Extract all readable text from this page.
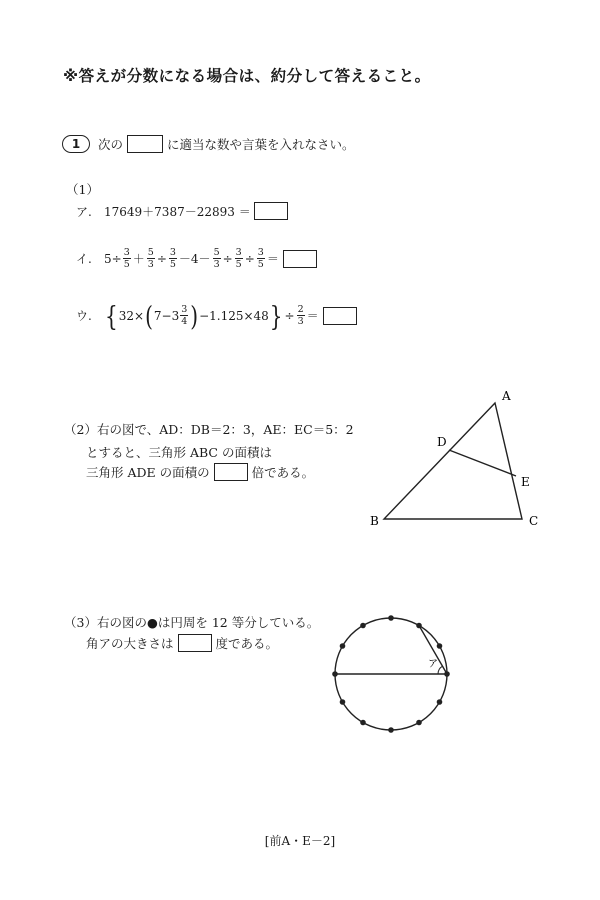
※答えが分数になる場合は、約分して答えること。
1 次の	に適当な数や言葉を入れなさい。
（1）
ア.	17649＋7387－22893 ＝
イ.	$5\div \frac{3}{5} + \frac{5}{3} \div \frac{3}{5} -4- \frac{5}{3} \div \frac{3}{5} \div \frac{3}{5}$ ＝
ウ. { 32× ( $7-3 \frac{3}{4}$ ) −1.125×48 } ÷ $\frac{2}{3}$ ＝
（2）右の図で、AD：DB＝2：3，AE：EC＝5：2
とすると、三角形 ABC の面積は
三角形 ADE の面積の	倍である。
A
D
E
B	C
（3）右の図の●は円周を 12 等分している。
角アの大きさは	度である。
ア
[前A・E－2]
